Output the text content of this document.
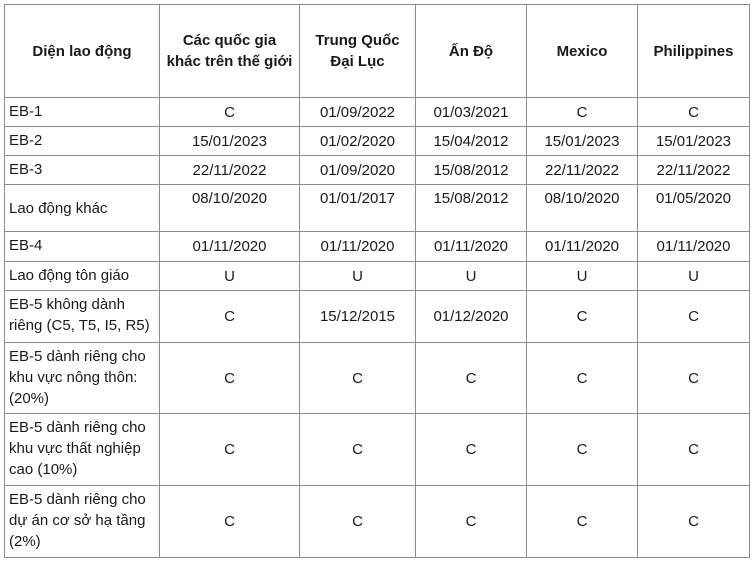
Diện lao động	Các quốc gia khác trên thế giới	Trung Quốc Đại Lục	Ấn Độ	Mexico	Philippines
EB-1	C	01/09/2022	01/03/2021	C	C
EB-2	15/01/2023	01/02/2020	15/04/2012	15/01/2023	15/01/2023
EB-3	22/11/2022	01/09/2020	15/08/2012	22/11/2022	22/11/2022
Lao động khác	08/10/2020	01/01/2017	15/08/2012	08/10/2020	01/05/2020
EB-4	01/11/2020	01/11/2020	01/11/2020	01/11/2020	01/11/2020
Lao động tôn giáo	U	U	U	U	U
EB-5 không dành riêng (C5, T5, I5, R5)	C	15/12/2015	01/12/2020	C	C
EB-5 dành riêng cho khu vực nông thôn: (20%)	C	C	C	C	C
EB-5 dành riêng cho khu vực thất nghiệp cao (10%)	C	C	C	C	C
EB-5 dành riêng cho dự án cơ sở hạ tầng (2%)	C	C	C	C	C
